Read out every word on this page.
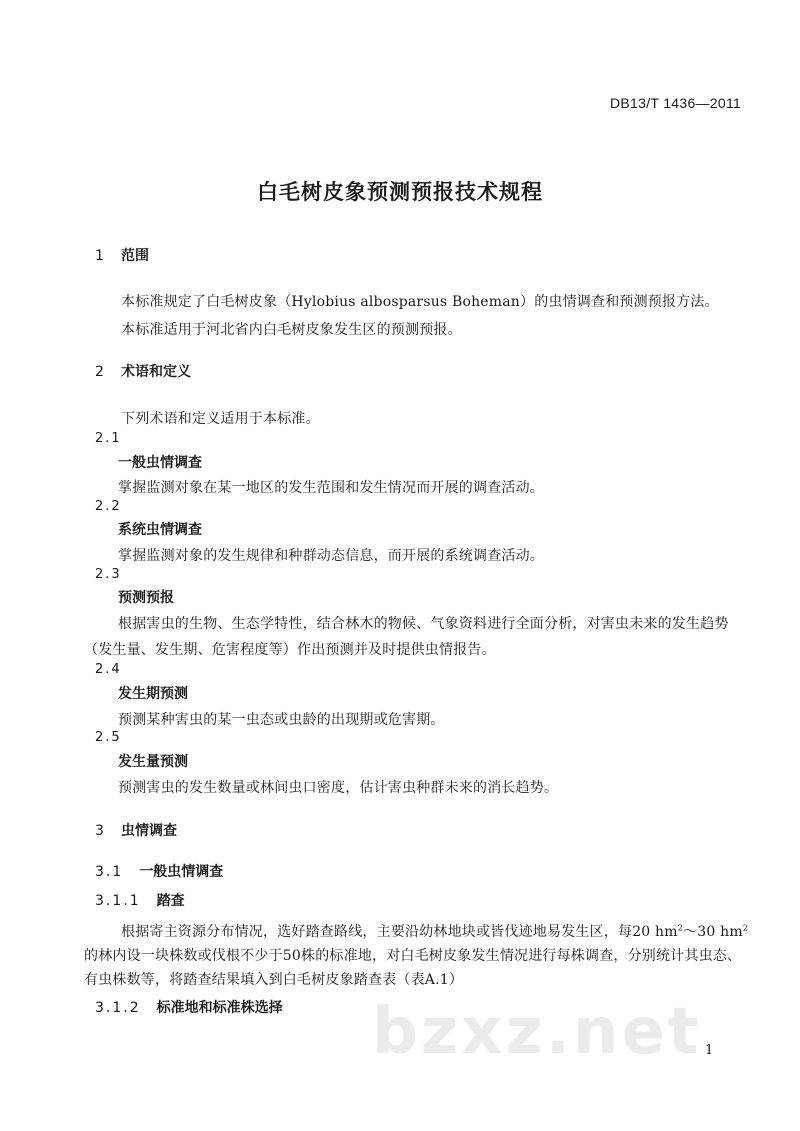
DB13/T 1436—2011
白毛树皮象预测预报技术规程
1 范围
本标准规定了白毛树皮象（Hylobius albosparsus Boheman）的虫情调查和预测预报方法。
本标准适用于河北省内白毛树皮象发生区的预测预报。
2 术语和定义
下列术语和定义适用于本标准。
2.1
一般虫情调查
掌握监测对象在某一地区的发生范围和发生情况而开展的调查活动。
2.2
系统虫情调查
掌握监测对象的发生规律和种群动态信息，而开展的系统调查活动。
2.3
预测预报
根据害虫的生物、生态学特性，结合林木的物候、气象资料进行全面分析，对害虫未来的发生趋势
（发生量、发生期、危害程度等）作出预测并及时提供虫情报告。
2.4
发生期预测
预测某种害虫的某一虫态或虫龄的出现期或危害期。
2.5
发生量预测
预测害虫的发生数量或林间虫口密度，估计害虫种群未来的消长趋势。
3 虫情调查
3.1 一般虫情调查
3.1.1 踏查
根据寄主资源分布情况，选好踏查路线，主要沿幼林地块或皆伐迹地易发生区，每20 $hm^2\sim 30$ $hm^2$
的林内设一块株数或伐根不少于50株的标准地，对白毛树皮象发生情况进行每株调查，分别统计其虫态、
有虫株数等，将踏查结果填入到白毛树皮象踏查表（表A.1）
3.1.2 标准地和标准株选择 bzxz.net 1
